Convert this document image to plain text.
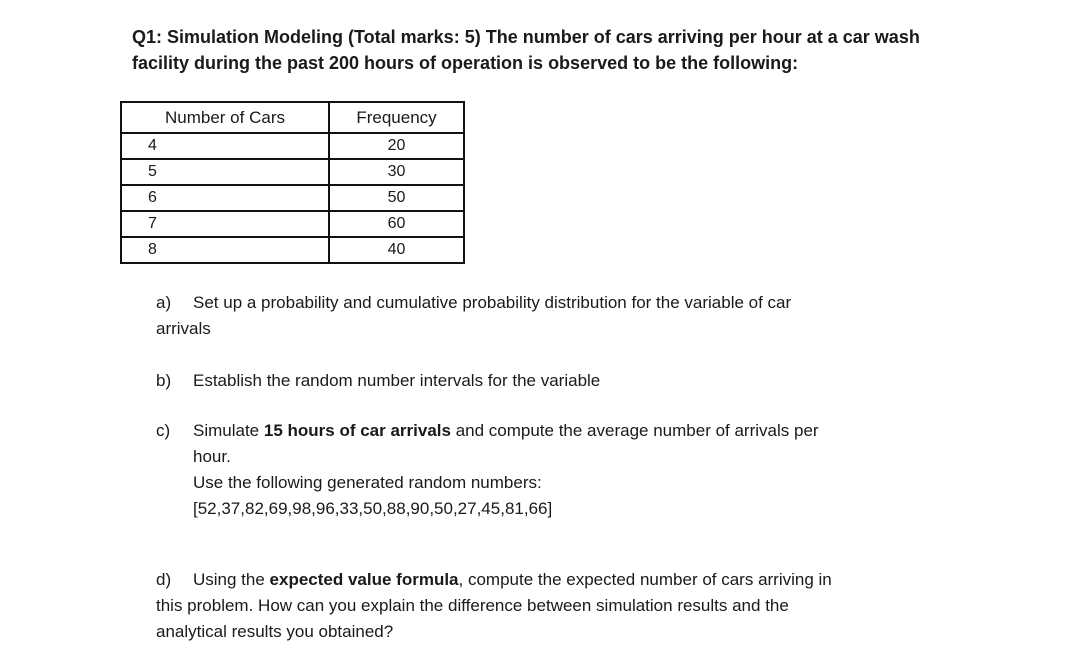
Q1: Simulation Modeling (Total marks: 5) The number of cars arriving per hour at a car wash facility during the past 200 hours of operation is observed to be the following:
Number of Cars	Frequency
4	20
5	30
6	50
7	60
8	40
a) Set up a probability and cumulative probability distribution for the variable of car
arrivals
b) Establish the random number intervals for the variable
c) Simulate 15 hours of car arrivals and compute the average number of arrivals per
hour.
Use the following generated random numbers:
[52,37,82,69,98,96,33,50,88,90,50,27,45,81,66]
d) Using the expected value formula, compute the expected number of cars arriving in
this problem. How can you explain the difference between simulation results and the
analytical results you obtained?
